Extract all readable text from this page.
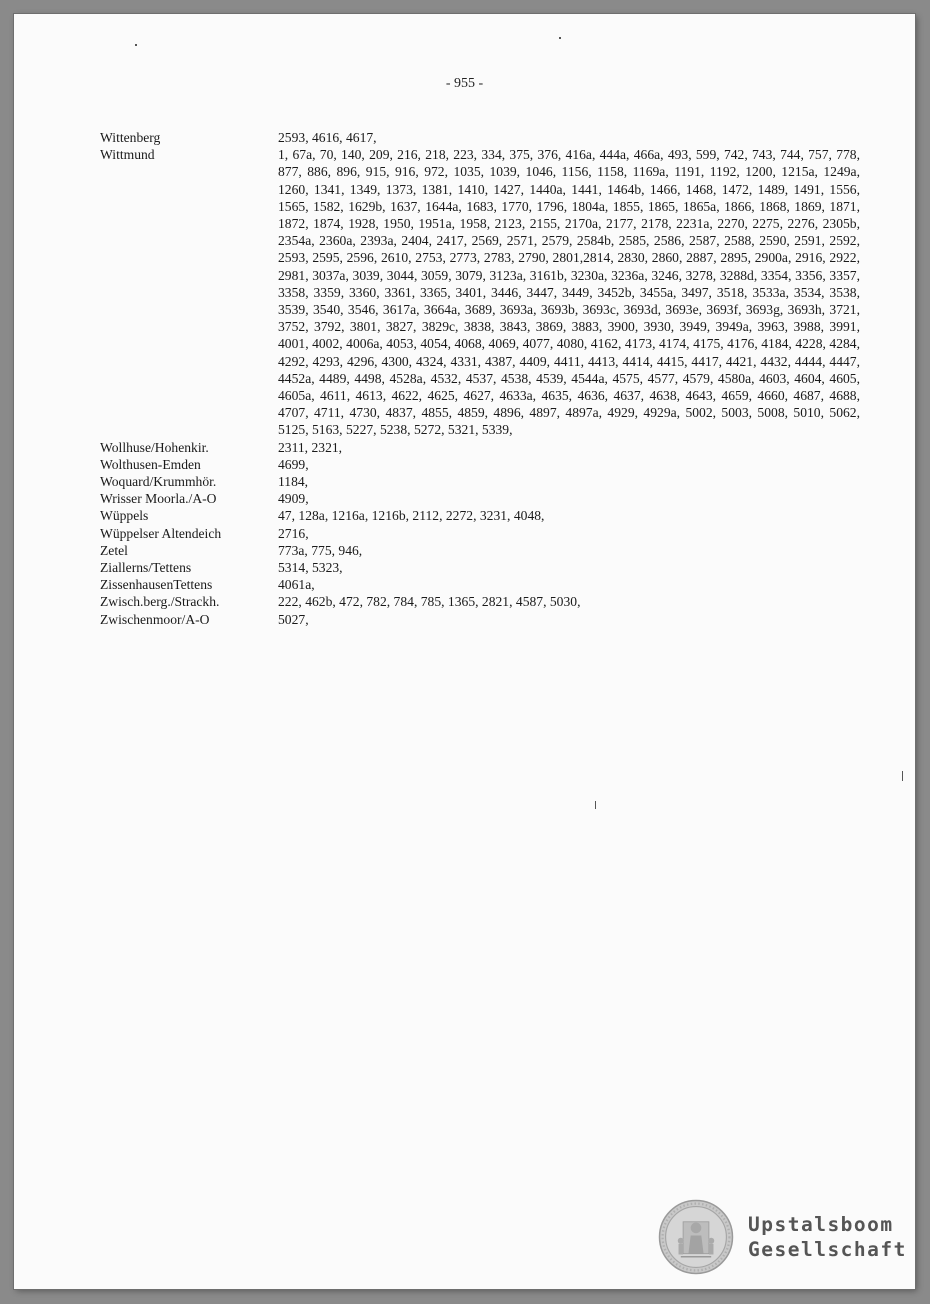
- 955 -
Wittenberg	2593, 4616, 4617,
Wittmund	1, 67a, 70, 140, 209, 216, 218, 223, 334, 375, 376, 416a, 444a, 466a, 493, 599, 742, 743, 744, 757, 778, 877, 886, 896, 915, 916, 972, 1035, 1039, 1046, 1156, 1158, 1169a, 1191, 1192, 1200, 1215a, 1249a, 1260, 1341, 1349, 1373, 1381, 1410, 1427, 1440a, 1441, 1464b, 1466, 1468, 1472, 1489, 1491, 1556, 1565, 1582, 1629b, 1637, 1644a, 1683, 1770, 1796, 1804a, 1855, 1865, 1865a, 1866, 1868, 1869, 1871, 1872, 1874, 1928, 1950, 1951a, 1958, 2123, 2155, 2170a, 2177, 2178, 2231a, 2270, 2275, 2276, 2305b, 2354a, 2360a, 2393a, 2404, 2417, 2569, 2571, 2579, 2584b, 2585, 2586, 2587, 2588, 2590, 2591, 2592, 2593, 2595, 2596, 2610, 2753, 2773, 2783, 2790, 2801,2814, 2830, 2860, 2887, 2895, 2900a, 2916, 2922, 2981, 3037a, 3039, 3044, 3059, 3079, 3123a, 3161b, 3230a, 3236a, 3246, 3278, 3288d, 3354, 3356, 3357, 3358, 3359, 3360, 3361, 3365, 3401, 3446, 3447, 3449, 3452b, 3455a, 3497, 3518, 3533a, 3534, 3538, 3539, 3540, 3546, 3617a, 3664a, 3689, 3693a, 3693b, 3693c, 3693d, 3693e, 3693f, 3693g, 3693h, 3721, 3752, 3792, 3801, 3827, 3829c, 3838, 3843, 3869, 3883, 3900, 3930, 3949, 3949a, 3963, 3988, 3991, 4001, 4002, 4006a, 4053, 4054, 4068, 4069, 4077, 4080, 4162, 4173, 4174, 4175, 4176, 4184, 4228, 4284, 4292, 4293, 4296, 4300, 4324, 4331, 4387, 4409, 4411, 4413, 4414, 4415, 4417, 4421, 4432, 4444, 4447, 4452a, 4489, 4498, 4528a, 4532, 4537, 4538, 4539, 4544a, 4575, 4577, 4579, 4580a, 4603, 4604, 4605, 4605a, 4611, 4613, 4622, 4625, 4627, 4633a, 4635, 4636, 4637, 4638, 4643, 4659, 4660, 4687, 4688, 4707, 4711, 4730, 4837, 4855, 4859, 4896, 4897, 4897a, 4929, 4929a, 5002, 5003, 5008, 5010, 5062, 5125, 5163, 5227, 5238, 5272, 5321, 5339,
Wollhuse/Hohenkir.	2311, 2321,
Wolthusen-Emden	4699,
Woquard/Krummhör.	1184,
Wrisser Moorla./A-O	4909,
Wüppels	47, 128a, 1216a, 1216b, 2112, 2272, 3231, 4048,
Wüppelser Altendeich	2716,
Zetel	773a, 775, 946,
Ziallerns/Tettens	5314, 5323,
ZissenhausenTettens	4061a,
Zwisch.berg./Strackh.	222, 462b, 472, 782, 784, 785, 1365, 2821, 4587, 5030,
Zwischenmoor/A-O	5027,
Upstalsboom
Gesellschaft
